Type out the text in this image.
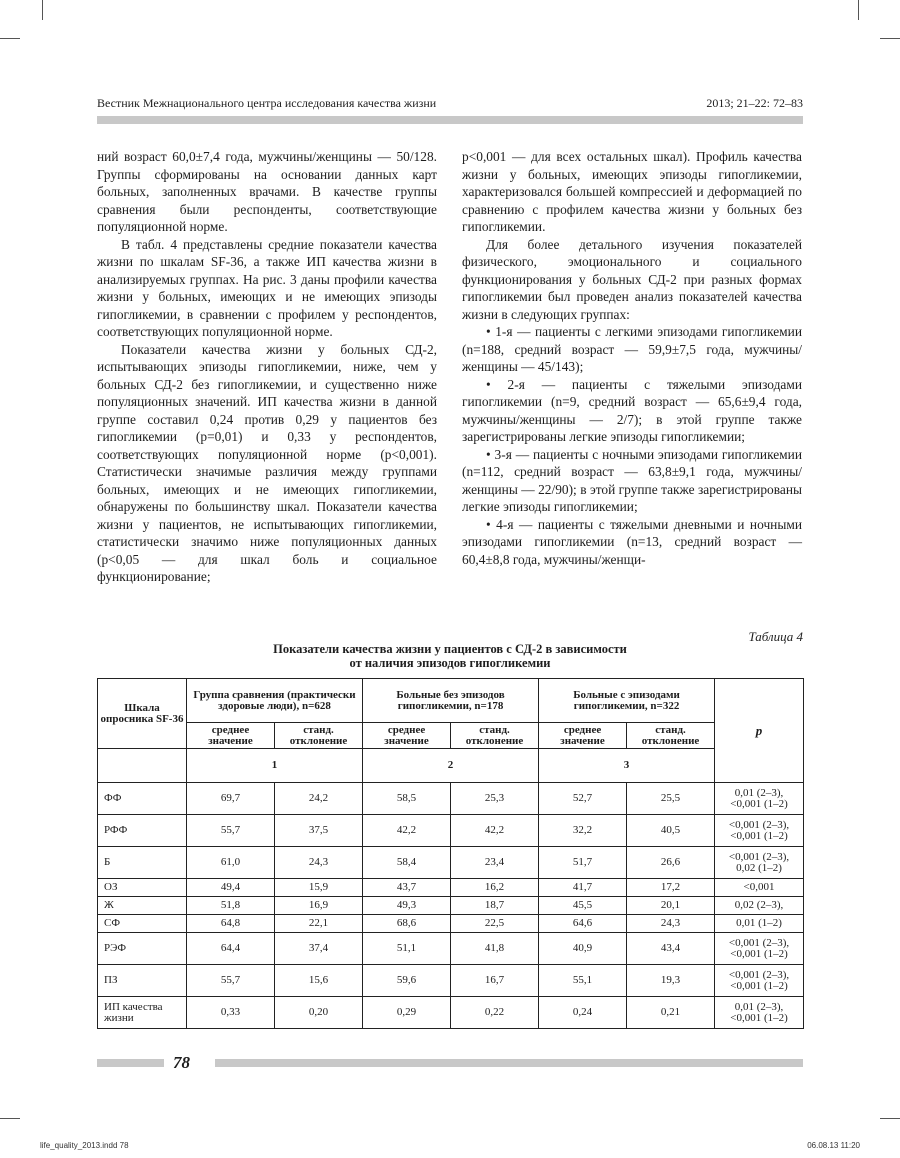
Вестник Межнационального центра исследования качества жизни	2013; 21–22: 72–83

ний возраст 60,0±7,4 года, мужчины/женщины — 50/128. Группы сформированы на основании данных карт больных, заполненных врачами. В качестве группы сравнения были респонденты, соответствующие популяционной норме.

В табл. 4 представлены средние показатели качества жизни по шкалам SF-36, а также ИП качества жизни в анализируемых группах. На рис. 3 даны профили качества жизни у больных, имеющих и не имеющих эпизоды гипогликемии, в сравнении с профилем у респондентов, соответствующих популяционной норме.

Показатели качества жизни у больных СД-2, испытывающих эпизоды гипогликемии, ниже, чем у больных СД-2 без гипогликемии, и существенно ниже популяционных значений. ИП качества жизни в данной группе составил 0,24 против 0,29 у пациентов без гипогликемии (p=0,01) и 0,33 у респондентов, соответствующих популяционной норме (p<0,001). Статистически значимые различия между группами больных, имеющих и не имеющих гипогликемии, обнаружены по большинству шкал. Показатели качества жизни у пациентов, не испытывающих гипогликемии, статистически значимо ниже популяционных данных (p<0,05 — для шкал боль и социальное функционирование;

p<0,001 — для всех остальных шкал). Профиль качества жизни у больных, имеющих эпизоды гипогликемии, характеризовался большей компрессией и деформацией по сравнению с профилем качества жизни у больных без гипогликемии.

Для более детального изучения показателей физического, эмоционального и социального функционирования у больных СД-2 при разных формах гипогликемии был проведен анализ показателей качества жизни в следующих группах:

• 1-я — пациенты с легкими эпизодами гипогликемии (n=188, средний возраст — 59,9±7,5 года, мужчины/женщины — 45/143);

• 2-я — пациенты с тяжелыми эпизодами гипогликемии (n=9, средний возраст — 65,6±9,4 года, мужчины/женщины — 2/7); в этой группе также зарегистрированы легкие эпизоды гипогликемии;

• 3-я — пациенты с ночными эпизодами гипогликемии (n=112, средний возраст — 63,8±9,1 года, мужчины/женщины — 22/90); в этой группе также зарегистрированы легкие эпизоды гипогликемии;

• 4-я — пациенты с тяжелыми дневными и ночными эпизодами гипогликемии (n=13, средний возраст — 60,4±8,8 года, мужчины/женщи-

Таблица 4
Показатели качества жизни у пациентов с СД-2 в зависимости
от наличия эпизодов гипогликемии
Шкала опросника SF-36	Группа сравнения (практически здоровые люди), n=628		Больные без эпизодов гипогликемии, n=178		Больные с эпизодами гипогликемии, n=322		p
	среднее значение	станд. отклонение	среднее значение	станд. отклонение	среднее значение	станд. отклонение	
	1		2		3		
ФФ	69,7	24,2	58,5	25,3	52,7	25,5	0,01 (2–3),
<0,001 (1–2)

РФФ	55,7	37,5	42,2	42,2	32,2	40,5	<0,001 (2–3),
<0,001 (1–2)

Б	61,0	24,3	58,4	23,4	51,7	26,6	<0,001 (2–3),
0,02 (1–2)

ОЗ	49,4	15,9	43,7	16,2	41,7	17,2	<0,001

Ж	51,8	16,9	49,3	18,7	45,5	20,1	0,02 (2–3),

СФ	64,8	22,1	68,6	22,5	64,6	24,3	0,01 (1–2)

РЭФ	64,4	37,4	51,1	41,8	40,9	43,4	<0,001 (2–3),
<0,001 (1–2)

ПЗ	55,7	15,6	59,6	16,7	55,1	19,3	<0,001 (2–3),
<0,001 (1–2)

ИП качества жизни	0,33	0,20	0,29	0,22	0,24	0,21	0,01 (2–3),
<0,001 (1–2)
78
life_quality_2013.indd 78	06.08.13 11:20
